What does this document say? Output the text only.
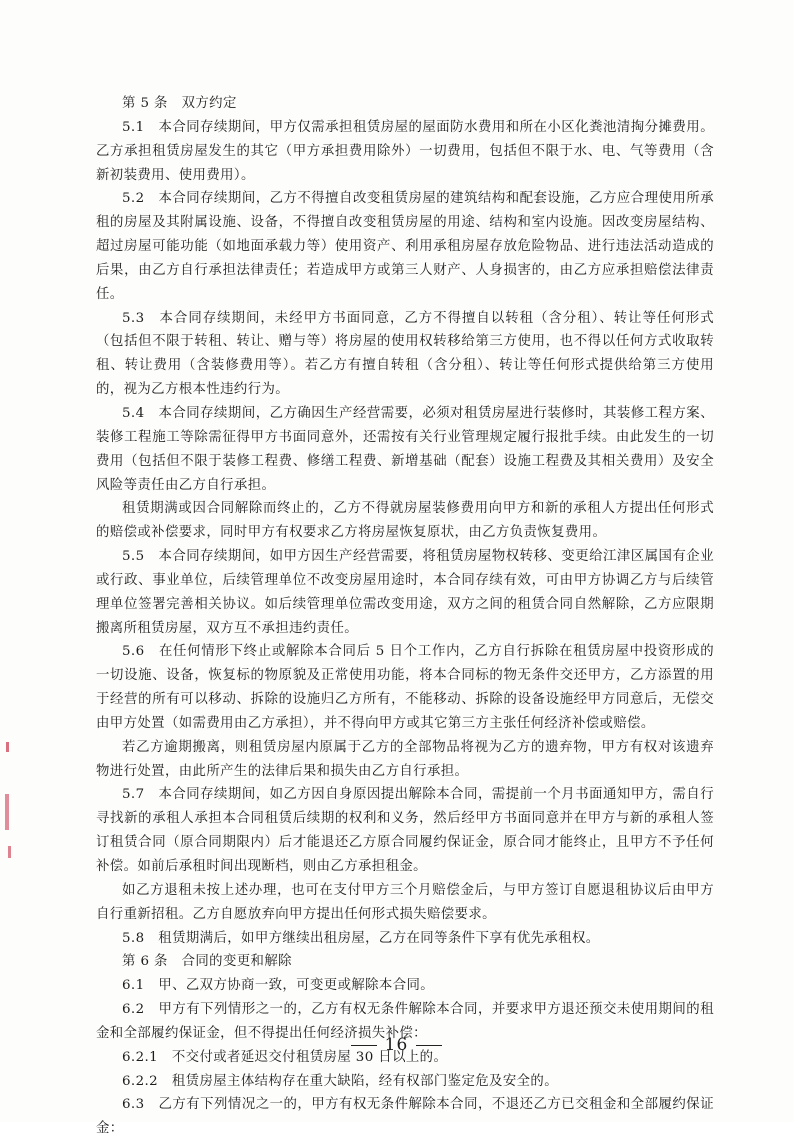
第 5 条　双方约定

5.1　本合同存续期间，甲方仅需承担租赁房屋的屋面防水费用和所在小区化粪池清掏分摊费用。乙方承担租赁房屋发生的其它（甲方承担费用除外）一切费用，包括但不限于水、电、气等费用（含新初装费用、使用费用）。

5.2　本合同存续期间，乙方不得擅自改变租赁房屋的建筑结构和配套设施，乙方应合理使用所承租的房屋及其附属设施、设备，不得擅自改变租赁房屋的用途、结构和室内设施。因改变房屋结构、超过房屋可能功能（如地面承载力等）使用资产、利用承租房屋存放危险物品、进行违法活动造成的后果，由乙方自行承担法律责任；若造成甲方或第三人财产、人身损害的，由乙方应承担赔偿法律责任。

5.3　本合同存续期间，未经甲方书面同意，乙方不得擅自以转租（含分租）、转让等任何形式（包括但不限于转租、转让、赠与等）将房屋的使用权转移给第三方使用，也不得以任何方式收取转租、转让费用（含装修费用等）。若乙方有擅自转租（含分租）、转让等任何形式提供给第三方使用的，视为乙方根本性违约行为。

5.4　本合同存续期间，乙方确因生产经营需要，必须对租赁房屋进行装修时，其装修工程方案、装修工程施工等除需征得甲方书面同意外，还需按有关行业管理规定履行报批手续。由此发生的一切费用（包括但不限于装修工程费、修缮工程费、新增基础（配套）设施工程费及其相关费用）及安全风险等责任由乙方自行承担。

租赁期满或因合同解除而终止的，乙方不得就房屋装修费用向甲方和新的承租人方提出任何形式的赔偿或补偿要求，同时甲方有权要求乙方将房屋恢复原状，由乙方负责恢复费用。

5.5　本合同存续期间，如甲方因生产经营需要，将租赁房屋物权转移、变更给江津区属国有企业或行政、事业单位，后续管理单位不改变房屋用途时，本合同存续有效，可由甲方协调乙方与后续管理单位签署完善相关协议。如后续管理单位需改变用途，双方之间的租赁合同自然解除，乙方应限期搬离所租赁房屋，双方互不承担违约责任。

5.6　在任何情形下终止或解除本合同后 5 日个工作内，乙方自行拆除在租赁房屋中投资形成的一切设施、设备，恢复标的物原貌及正常使用功能，将本合同标的物无条件交还甲方，乙方添置的用于经营的所有可以移动、拆除的设施归乙方所有，不能移动、拆除的设备设施经甲方同意后，无偿交由甲方处置（如需费用由乙方承担），并不得向甲方或其它第三方主张任何经济补偿或赔偿。

若乙方逾期搬离，则租赁房屋内原属于乙方的全部物品将视为乙方的遗弃物，甲方有权对该遗弃物进行处置，由此所产生的法律后果和损失由乙方自行承担。

5.7　本合同存续期间，如乙方因自身原因提出解除本合同，需提前一个月书面通知甲方，需自行寻找新的承租人承担本合同租赁后续期的权利和义务，然后经甲方书面同意并在甲方与新的承租人签订租赁合同（原合同期限内）后才能退还乙方原合同履约保证金，原合同才能终止，且甲方不予任何补偿。如前后承租时间出现断档，则由乙方承担租金。

如乙方退租未按上述办理，也可在支付甲方三个月赔偿金后，与甲方签订自愿退租协议后由甲方自行重新招租。乙方自愿放弃向甲方提出任何形式损失赔偿要求。

5.8　租赁期满后，如甲方继续出租房屋，乙方在同等条件下享有优先承租权。

第 6 条　合同的变更和解除

6.1　甲、乙双方协商一致，可变更或解除本合同。

6.2　甲方有下列情形之一的，乙方有权无条件解除本合同，并要求甲方退还预交未使用期间的租金和全部履约保证金，但不得提出任何经济损失补偿：

6.2.1　不交付或者延迟交付租赁房屋 30 日以上的。

6.2.2　租赁房屋主体结构存在重大缺陷，经有权部门鉴定危及安全的。

6.3　乙方有下列情况之一的，甲方有权无条件解除本合同，不退还乙方已交租金和全部履约保证金：

16
